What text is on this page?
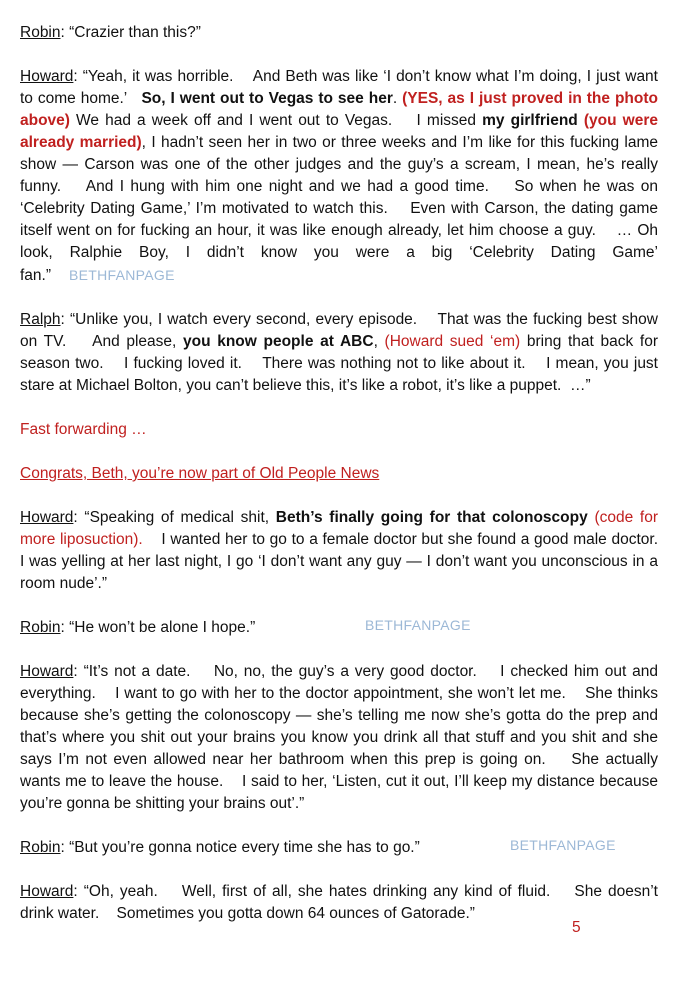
Robin: “Crazier than this?”

Howard: “Yeah, it was horrible.    And Beth was like ‘I don’t know what I’m doing, I just want to come home.’   So, I went out to Vegas to see her. (YES, as I just proved in the photo above) We had a week off and I went out to Vegas.    I missed my girlfriend (you were already married), I hadn’t seen her in two or three weeks and I’m like for this fucking lame show — Carson was one of the other judges and the guy’s a scream, I mean, he’s really funny.    And I hung with him one night and we had a good time.    So when he was on ‘Celebrity Dating Game,’ I’m motivated to watch this.    Even with Carson, the dating game itself went on for fucking an hour, it was like enough already, let him choose a guy.    … Oh look, Ralphie Boy, I didn’t know you were a big ‘Celebrity Dating Game’ fan.” BETHFANPAGE

Ralph: “Unlike you, I watch every second, every episode.    That was the fucking best show on TV.    And please, you know people at ABC, (Howard sued ‘em) bring that back for season two.    I fucking loved it.    There was nothing not to like about it.    I mean, you just stare at Michael Bolton, you can’t believe this, it’s like a robot, it’s like a puppet.  …”

Fast forwarding …
Congrats, Beth, you’re now part of Old People News

Howard: “Speaking of medical shit, Beth’s finally going for that colonoscopy (code for more liposuction).    I wanted her to go to a female doctor but she found a good male doctor.    I was yelling at her last night, I go ‘I don’t want any guy — I don’t want you unconscious in a room nude’.”

Robin: “He won’t be alone I hope.”

Howard: “It’s not a date.    No, no, the guy’s a very good doctor.    I checked him out and everything.    I want to go with her to the doctor appointment, she won’t let me.    She thinks because she’s getting the colonoscopy — she’s telling me now she’s gotta do the prep and that’s where you shit out your brains you know you drink all that stuff and you shit and she says I’m not even allowed near her bathroom when this prep is going on.    She actually wants me to leave the house.    I said to her, ‘Listen, cut it out, I’ll keep my distance because you’re gonna be shitting your brains out’.”

Robin: “But you’re gonna notice every time she has to go.”

Howard: “Oh, yeah.    Well, first of all, she hates drinking any kind of fluid.    She doesn’t drink water.    Sometimes you gotta down 64 ounces of Gatorade.”

BETHFANPAGE
BETHFANPAGE
5
